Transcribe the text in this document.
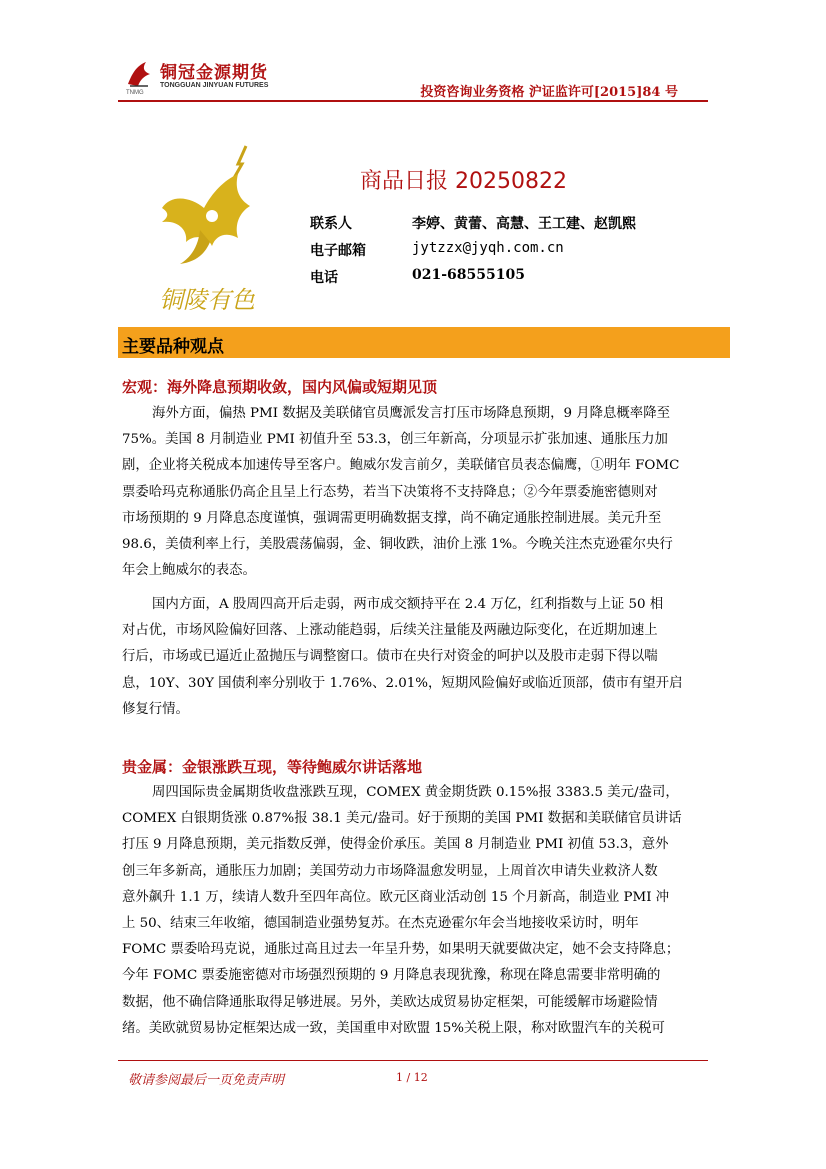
铜冠金源期货
TONGGUAN JINYUAN FUTURES
TNMG	投资咨询业务资格 沪证监许可[2015]84 号
铜陵有色
商品日报 20250822
联系人	李婷、黄蕾、高慧、王工建、赵凯熙
电子邮箱	jytzzx@jyqh.com.cn
电话	021-68555105
主要品种观点
宏观：海外降息预期收敛，国内风偏或短期见顶
海外方面，偏热 PMI 数据及美联储官员鹰派发言打压市场降息预期，9 月降息概率降至
75%。美国 8 月制造业 PMI 初值升至 53.3，创三年新高，分项显示扩张加速、通胀压力加
剧，企业将关税成本加速传导至客户。鲍威尔发言前夕，美联储官员表态偏鹰，①明年 FOMC
票委哈玛克称通胀仍高企且呈上行态势，若当下决策将不支持降息；②今年票委施密德则对
市场预期的 9 月降息态度谨慎，强调需更明确数据支撑，尚不确定通胀控制进展。美元升至
98.6，美债利率上行，美股震荡偏弱，金、铜收跌，油价上涨 1%。今晚关注杰克逊霍尔央行
年会上鲍威尔的表态。
国内方面，A 股周四高开后走弱，两市成交额持平在 2.4 万亿，红利指数与上证 50 相
对占优，市场风险偏好回落、上涨动能趋弱，后续关注量能及两融边际变化，在近期加速上
行后，市场或已逼近止盈抛压与调整窗口。债市在央行对资金的呵护以及股市走弱下得以喘
息，10Y、30Y 国债利率分别收于 1.76%、2.01%，短期风险偏好或临近顶部，债市有望开启
修复行情。
贵金属：金银涨跌互现，等待鲍威尔讲话落地
周四国际贵金属期货收盘涨跌互现，COMEX 黄金期货跌 0.15%报 3383.5 美元/盎司，
COMEX 白银期货涨 0.87%报 38.1 美元/盎司。好于预期的美国 PMI 数据和美联储官员讲话
打压 9 月降息预期，美元指数反弹，使得金价承压。美国 8 月制造业 PMI 初值 53.3，意外
创三年多新高，通胀压力加剧；美国劳动力市场降温愈发明显，上周首次申请失业救济人数
意外飙升 1.1 万，续请人数升至四年高位。欧元区商业活动创 15 个月新高，制造业 PMI 冲
上 50、结束三年收缩，德国制造业强势复苏。在杰克逊霍尔年会当地接收采访时，明年
FOMC 票委哈玛克说，通胀过高且过去一年呈升势，如果明天就要做决定，她不会支持降息；
今年 FOMC 票委施密德对市场强烈预期的 9 月降息表现犹豫，称现在降息需要非常明确的
数据，他不确信降通胀取得足够进展。另外，美欧达成贸易协定框架，可能缓解市场避险情
绪。美欧就贸易协定框架达成一致，美国重申对欧盟 15%关税上限，称对欧盟汽车的关税可
敬请参阅最后一页免责声明	1 / 12
